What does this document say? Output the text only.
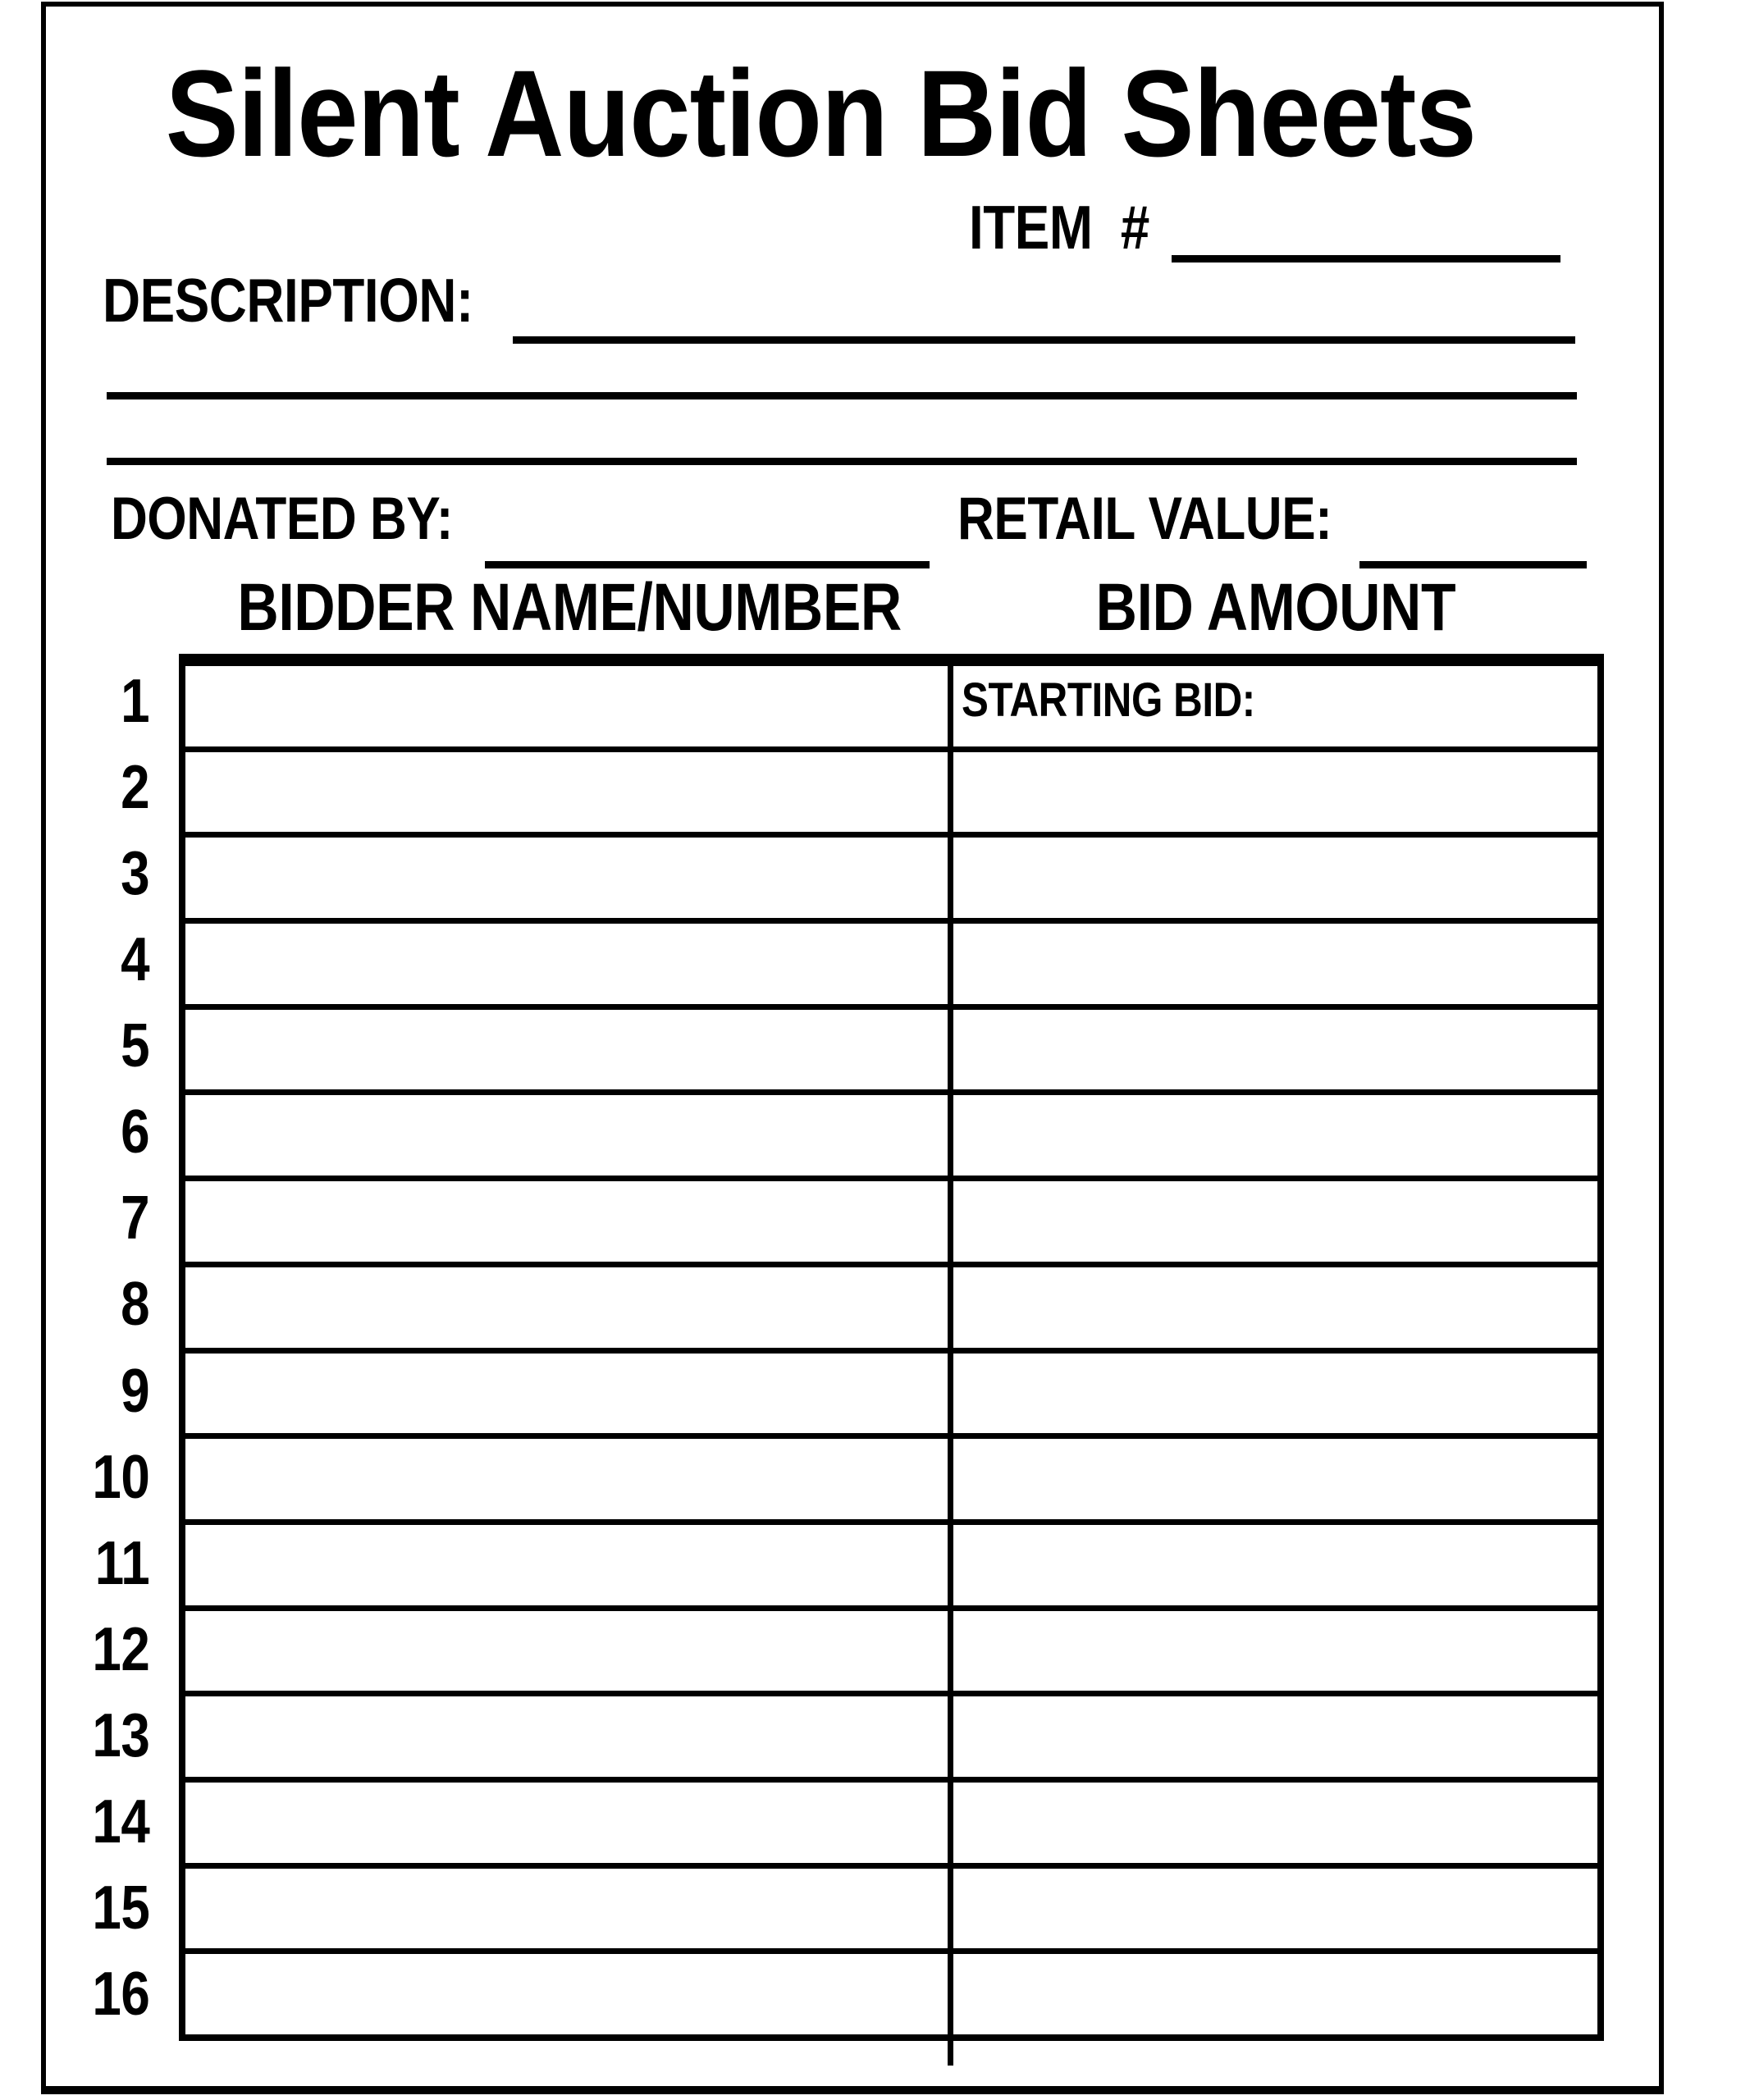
Silent Auction Bid Sheets
ITEM #
DESCRIPTION:
DONATED BY:	RETAIL VALUE:
BIDDER NAME/NUMBER	BID AMOUNT
1
2
3
4
5
6
7
8
9
10
11
12
13
14
15
16
STARTING BID:
